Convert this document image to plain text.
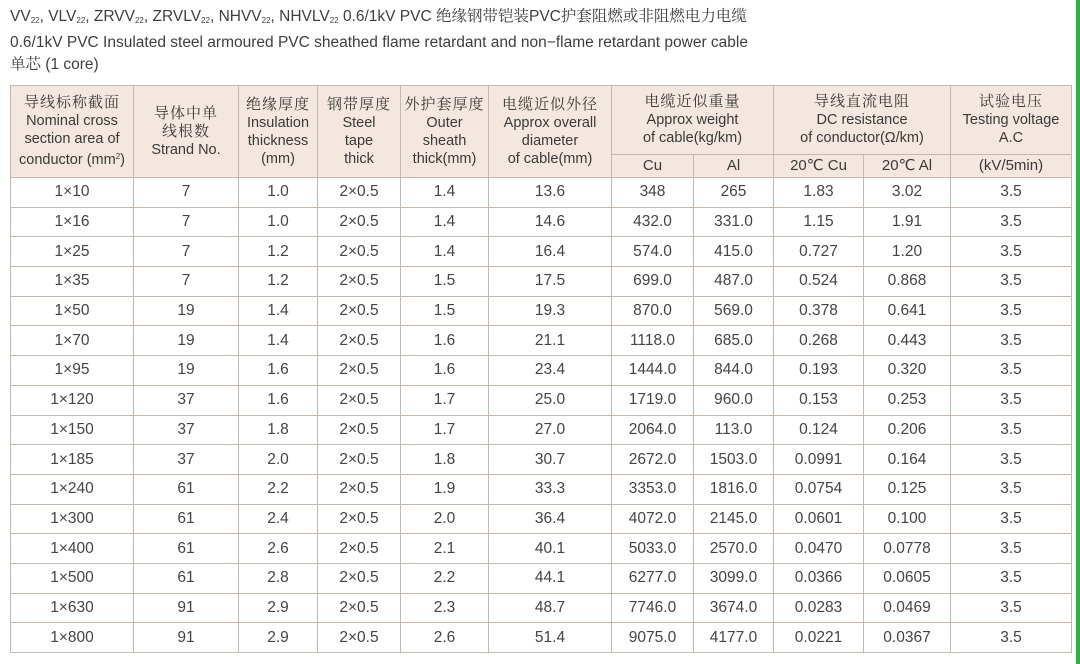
$VV_{22}$, $VLV_{22}$, $ZRVV_{22}$, $ZRVLV_{22}$, $NHVV_{22}$, $NHVLV_{22}$ 0.6/1kV PVC 绝缘钢带铠装PVC护套阻燃或非阻燃电力电缆
0.6/1kV PVC Insulated steel armoured PVC sheathed flame retardant and non−flame retardant power cable
单芯 (1 core)
导线标称截面
Nominal cross
section area of
conductor $(mm^2)$	导体中单
线根数
Strand No.	绝缘厚度
Insulation
thickness
(mm)	钢带厚度
Steel
tape
thick	外护套厚度
Outer
sheath
thick(mm)	电缆近似外径
Approx overall
diameter
of cable(mm)	电缆近似重量
Approx weight
of cable(kg/km)		导线直流电阻
DC resistance
of conductor(Ω/km)		试验电压
Testing voltage
A.C

						Cu	Al	20℃ Cu	20℃ Al	(kV/5min)
1×10	7	1.0	2×0.5	1.4	13.6	348	265	1.83	3.02	3.5
1×16	7	1.0	2×0.5	1.4	14.6	432.0	331.0	1.15	1.91	3.5
1×25	7	1.2	2×0.5	1.4	16.4	574.0	415.0	0.727	1.20	3.5
1×35	7	1.2	2×0.5	1.5	17.5	699.0	487.0	0.524	0.868	3.5
1×50	19	1.4	2×0.5	1.5	19.3	870.0	569.0	0.378	0.641	3.5
1×70	19	1.4	2×0.5	1.6	21.1	1118.0	685.0	0.268	0.443	3.5
1×95	19	1.6	2×0.5	1.6	23.4	1444.0	844.0	0.193	0.320	3.5
1×120	37	1.6	2×0.5	1.7	25.0	1719.0	960.0	0.153	0.253	3.5
1×150	37	1.8	2×0.5	1.7	27.0	2064.0	113.0	0.124	0.206	3.5
1×185	37	2.0	2×0.5	1.8	30.7	2672.0	1503.0	0.0991	0.164	3.5
1×240	61	2.2	2×0.5	1.9	33.3	3353.0	1816.0	0.0754	0.125	3.5
1×300	61	2.4	2×0.5	2.0	36.4	4072.0	2145.0	0.0601	0.100	3.5
1×400	61	2.6	2×0.5	2.1	40.1	5033.0	2570.0	0.0470	0.0778	3.5
1×500	61	2.8	2×0.5	2.2	44.1	6277.0	3099.0	0.0366	0.0605	3.5
1×630	91	2.9	2×0.5	2.3	48.7	7746.0	3674.0	0.0283	0.0469	3.5
1×800	91	2.9	2×0.5	2.6	51.4	9075.0	4177.0	0.0221	0.0367	3.5
